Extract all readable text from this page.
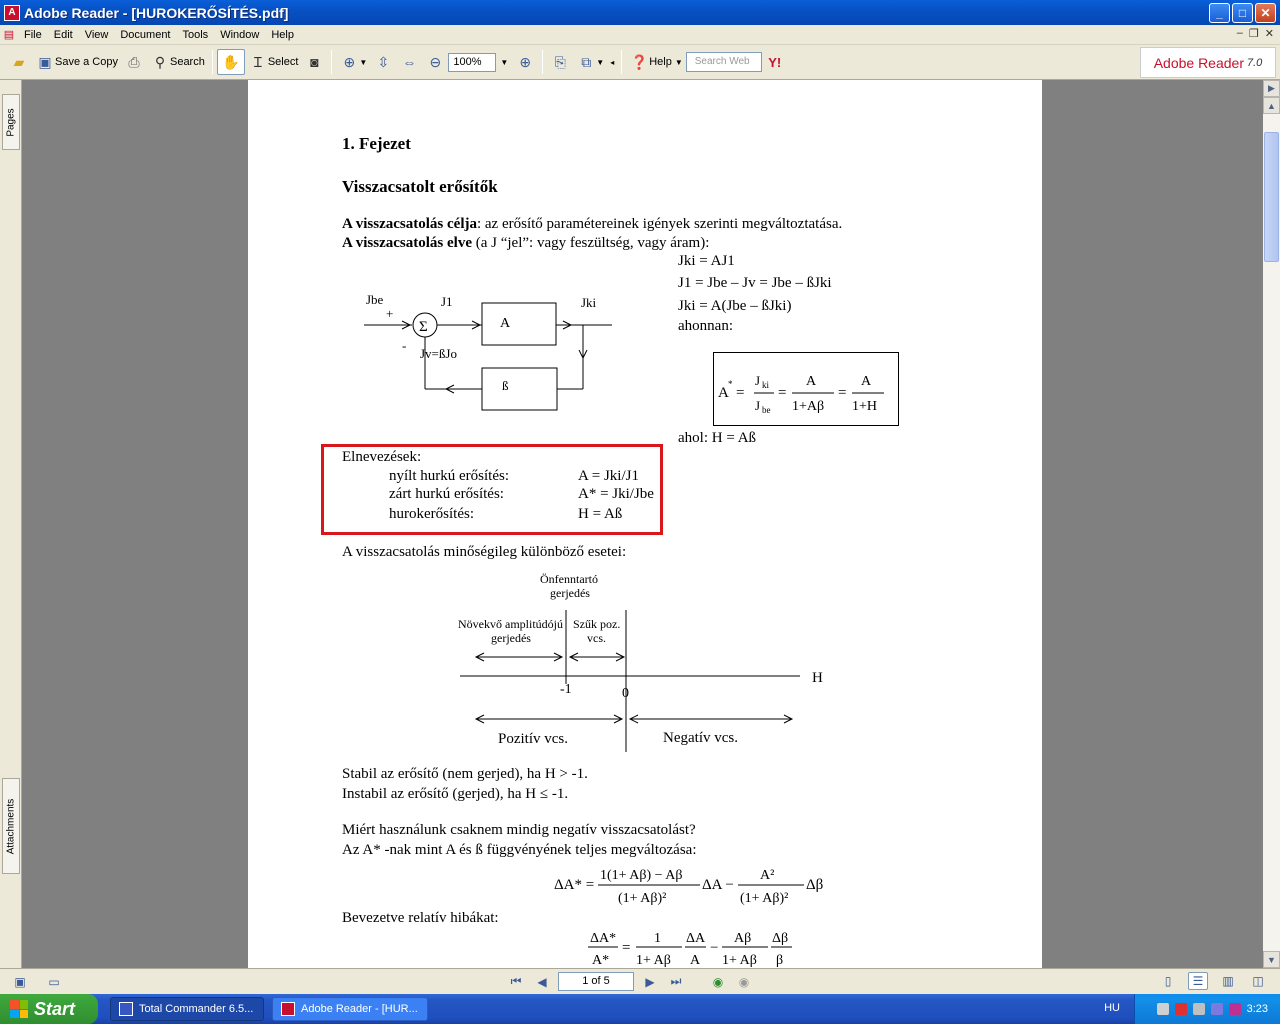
A Adobe Reader - [HUROKERŐSÍTÉS.pdf]	_	□	✕
▤ File	Edit	View	Document	Tools	Window	Help	‒ ❐ ✕
▰ ▣ Save a Copy ⎙	⚲ Search ✋	Ɪ Select ◙	⊕ ▼ ⇳ ⇔ ⊖	100%	▼ ⊕	⎘	⧉ ▼ ◂ ❓ Help ▼	Search Web	Y!	Adobe Reader 7.0
Pages
Attachments
1. Fejezet
Visszacsatolt erősítők
A visszacsatolás célja: az erősítő paramétereinek igények szerinti megváltoztatása.
A visszacsatolás elve (a J “jel”: vagy feszültség, vagy áram):
Jki = AJ1
J1 = Jbe – Jv = Jbe – ßJki
Jki = A(Jbe – ßJki)
ahonnan:
Σ
Jbe
+
-
J1
A
Jki
Jv=ßJo
ß	A
*
=
J ki
J be
=
A
1+Aβ
=
A
1+H
ahol: H = Aß
Elnevezések:
nyílt hurkú erősítés:	A = Jki/J1
zárt hurkú erősítés:	A* = Jki/Jbe
hurokerősítés:	H = Aß
A visszacsatolás minőségileg különböző esetei:
Önfenntartó
gerjedés
Növekvő amplitúdójú
gerjedés
Szűk poz.
vcs.
-1	0
H
Pozitív vcs.	Negatív vcs.
Stabil az erősítő (nem gerjed), ha H > -1.
Instabil az erősítő (gerjed), ha H ≤ -1.
Miért használunk csaknem mindig negatív visszacsatolást?
Az A* -nak mint A és ß függvényének teljes megváltozása:
ΔA* =
1(1+ Aβ) − Aβ
(1+ Aβ)²
ΔA −
A²
(1+ Aβ)²
Δβ
Bevezetve relatív hibákat:
ΔA*
A*
=
1
1+ Aβ
ΔA
A
−
Aβ
1+ Aβ
Δβ
β
▶
▲
▼
▣	▭	⏮	◀	1 of 5	▶	⏭	◉	◉	▯	☰	▥	◫
Start	Total Commander 6.5...	Adobe Reader - [HUR...	HU	3:23
